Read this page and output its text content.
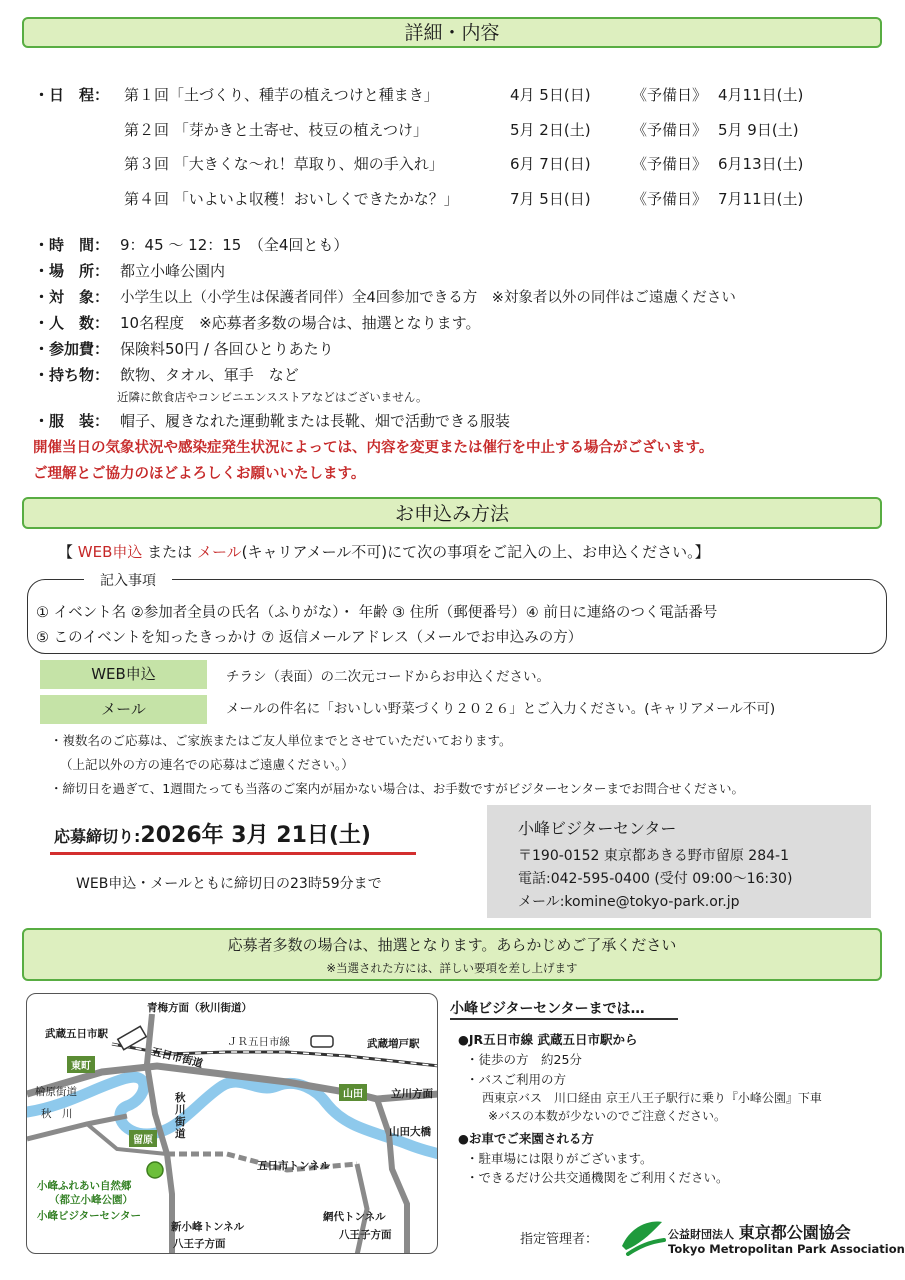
詳細・内容
・日　程： 第１回「土づくり、種芋の植えつけと種まき」	4月 5日(日)	《予備日》 4月11日(土)
第２回 「芽かきと土寄せ、枝豆の植えつけ」	5月 2日(土)	《予備日》 5月 9日(土)
第３回 「大きくな～れ！草取り、畑の手入れ」	6月 7日(日)	《予備日》 6月13日(土)
第４回 「いよいよ収穫！おいしくできたかな？」	7月 5日(日)	《予備日》 7月11日(土)
・時　間： 9：45 ～ 12：15　（全4回とも）
・場　所： 都立小峰公園内
・対　象： 小学生以上（小学生は保護者同伴）全4回参加できる方　※対象者以外の同伴はご遠慮ください
・人　数： 10名程度　※応募者多数の場合は、抽選となります。
・参加費： 保険料50円 / 各回ひとりあたり
・持ち物： 飲物、タオル、軍手　など
近隣に飲食店やコンビニエンスストアなどはございません。
・服　装： 帽子、履きなれた運動靴または長靴、畑で活動できる服装
開催当日の気象状況や感染症発生状況によっては、内容を変更または催行を中止する場合がございます。
ご理解とご協力のほどよろしくお願いいたします。
お申込み方法
【 WEB申込 または メール(キャリアメール不可)にて次の事項をご記入の上、お申込ください。】
記入事項
① イベント名 ②参加者全員の氏名（ふりがな）・ 年齢 ③ 住所（郵便番号）④ 前日に連絡のつく電話番号
⑤ このイベントを知ったきっかけ ⑦ 返信メールアドレス（メールでお申込みの方）
WEB申込	チラシ（表面）の二次元コードからお申込ください。
メール	メールの件名に「おいしい野菜づくり２０２６」とご入力ください。(キャリアメール不可)
・複数名のご応募は、ご家族またはご友人単位までとさせていただいております。
（上記以外の方の連名での応募はご遠慮ください。）
・締切日を過ぎて、1週間たっても当落のご案内が届かない場合は、お手数ですがビジターセンターまでお問合せください。
応募締切り:2026年 3月 21日(土)
WEB申込・メールともに締切日の23時59分まで
小峰ビジターセンター
〒190-0152 東京都あきる野市留原 284-1
電話:042-595-0400 (受付 09:00～16:30)
メール:komine@tokyo-park.or.jp
応募者多数の場合は、抽選となります。あらかじめご了承ください
※当選された方には、詳しい要項を差し上げます
青梅方面（秋川街道）
武蔵五日市駅
ＪＲ五日市線	武蔵増戸駅
東町	五日市街道
檜原街道
秋　川
秋
川
街
道
山田	立川方面
山田大橋
留原
五日市トンネル
小峰ふれあい自然郷
（都立小峰公園）
小峰ビジターセンター
新小峰トンネル
八王子方面
網代トンネル
八王子方面
小峰ビジターセンターまでは…
●JR五日市線 武蔵五日市駅から
・徒歩の方　約25分
・バスご利用の方
西東京バス　川口経由 京王八王子駅行に乗り『小峰公園』下車
※バスの本数が少ないのでご注意ください。
●お車でご来園される方
・駐車場には限りがございます。
・できるだけ公共交通機関をご利用ください。
指定管理者：	公益財団法人 東京都公園協会
Tokyo Metropolitan Park Association
